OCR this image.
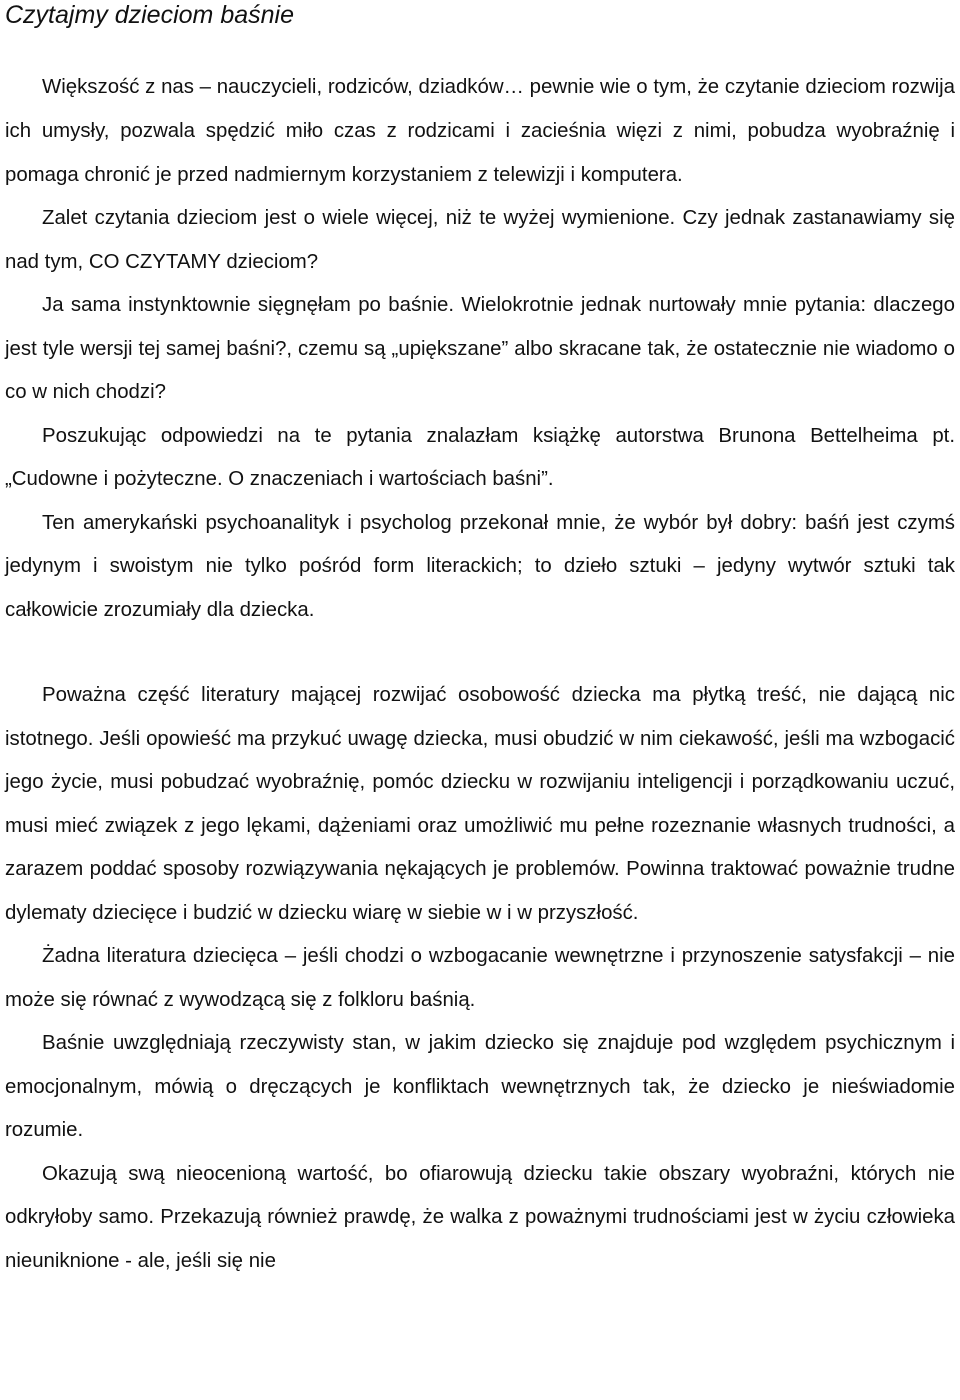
Czytajmy dzieciom baśnie

Większość z nas – nauczycieli, rodziców, dziadków… pewnie wie o tym, że czytanie dzieciom rozwija ich umysły, pozwala spędzić miło czas z rodzicami i zacieśnia więzi z nimi, pobudza wyobraźnię i pomaga chronić je przed nadmiernym korzystaniem z telewizji i komputera.

Zalet czytania dzieciom jest o wiele więcej, niż te wyżej wymienione. Czy jednak zastanawiamy się nad tym, CO CZYTAMY dzieciom?

Ja sama instynktownie sięgnęłam po baśnie. Wielokrotnie jednak nurtowały mnie pytania: dlaczego jest tyle wersji tej samej baśni?, czemu są „upiększane” albo skracane tak, że ostatecznie nie wiadomo o co w nich chodzi?

Poszukując odpowiedzi na te pytania znalazłam książkę autorstwa Brunona Bettelheima pt. „Cudowne i pożyteczne. O znaczeniach i wartościach baśni”.

Ten amerykański psychoanalityk i psycholog przekonał mnie, że wybór był dobry: baśń jest czymś jedynym i swoistym nie tylko pośród form literackich; to dzieło sztuki – jedyny wytwór sztuki tak całkowicie zrozumiały dla dziecka.

Poważna część literatury mającej rozwijać osobowość dziecka ma płytką treść, nie dającą nic istotnego. Jeśli opowieść ma przykuć uwagę dziecka, musi obudzić w nim ciekawość, jeśli ma wzbogacić jego życie, musi pobudzać wyobraźnię, pomóc dziecku w rozwijaniu inteligencji i porządkowaniu uczuć, musi mieć związek z jego lękami, dążeniami oraz umożliwić mu pełne rozeznanie własnych trudności, a zarazem poddać sposoby rozwiązywania nękających je problemów. Powinna traktować poważnie trudne dylematy dziecięce i budzić w dziecku wiarę w siebie w i w przyszłość.

Żadna literatura dziecięca – jeśli chodzi o wzbogacanie wewnętrzne i przynoszenie satysfakcji – nie może się równać z wywodzącą się z folkloru baśnią.

Baśnie uwzględniają rzeczywisty stan, w jakim dziecko się znajduje pod względem psychicznym i emocjonalnym, mówią o dręczących je konfliktach wewnętrznych tak, że dziecko je nieświadomie rozumie.

Okazują swą nieocenioną wartość, bo ofiarowują dziecku takie obszary wyobraźni, których nie odkryłoby samo. Przekazują również prawdę, że walka z poważnymi trudnościami jest w życiu człowieka nieuniknione - ale, jeśli się nie
